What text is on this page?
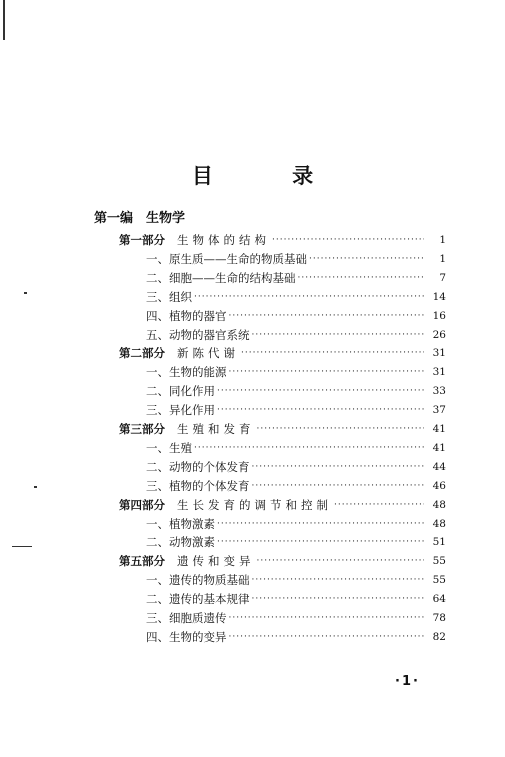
目 录
第一编　生物学
第一部分 生物体的结构 ·····	1
一、原生质——生命的物质基础 ·····	1
二、细胞——生命的结构基础 ·····	7
三、组织 ·····	14
四、植物的器官 ·····	16
五、动物的器官系统 ·····	26
第二部分 新陈代谢 ·····	31
一、生物的能源 ·····	31
二、同化作用 ·····	33
三、异化作用 ·····	37
第三部分 生殖和发育 ·····	41
一、生殖 ·····	41
二、动物的个体发育 ·····	44
三、植物的个体发育 ·····	46
第四部分 生长发育的调节和控制 ·····	48
一、植物激素 ·····	48
二、动物激素 ·····	51
第五部分 遗传和变异 ·····	55
一、遗传的物质基础 ·····	55
二、遗传的基本规律 ·····	64
三、细胞质遗传 ·····	78
四、生物的变异 ·····	82
·1·
